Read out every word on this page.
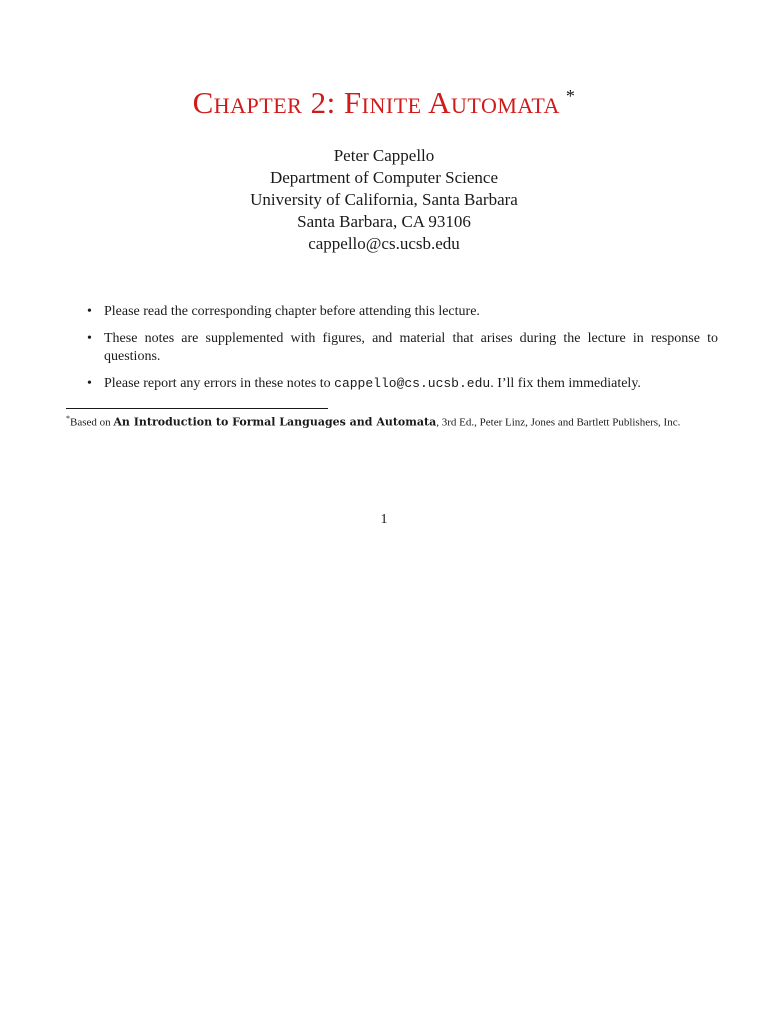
Chapter 2: Finite Automata *
Peter Cappello
Department of Computer Science
University of California, Santa Barbara
Santa Barbara, CA 93106
cappello@cs.ucsb.edu
• Please read the corresponding chapter before attending this lecture.
• These notes are supplemented with figures, and material that arises during the lecture in response to questions.
• Please report any errors in these notes to cappello@cs.ucsb.edu. I’ll fix them immediately.
*Based on An Introduction to Formal Languages and Automata, 3rd Ed., Peter Linz, Jones and Bartlett Publishers, Inc.
1
